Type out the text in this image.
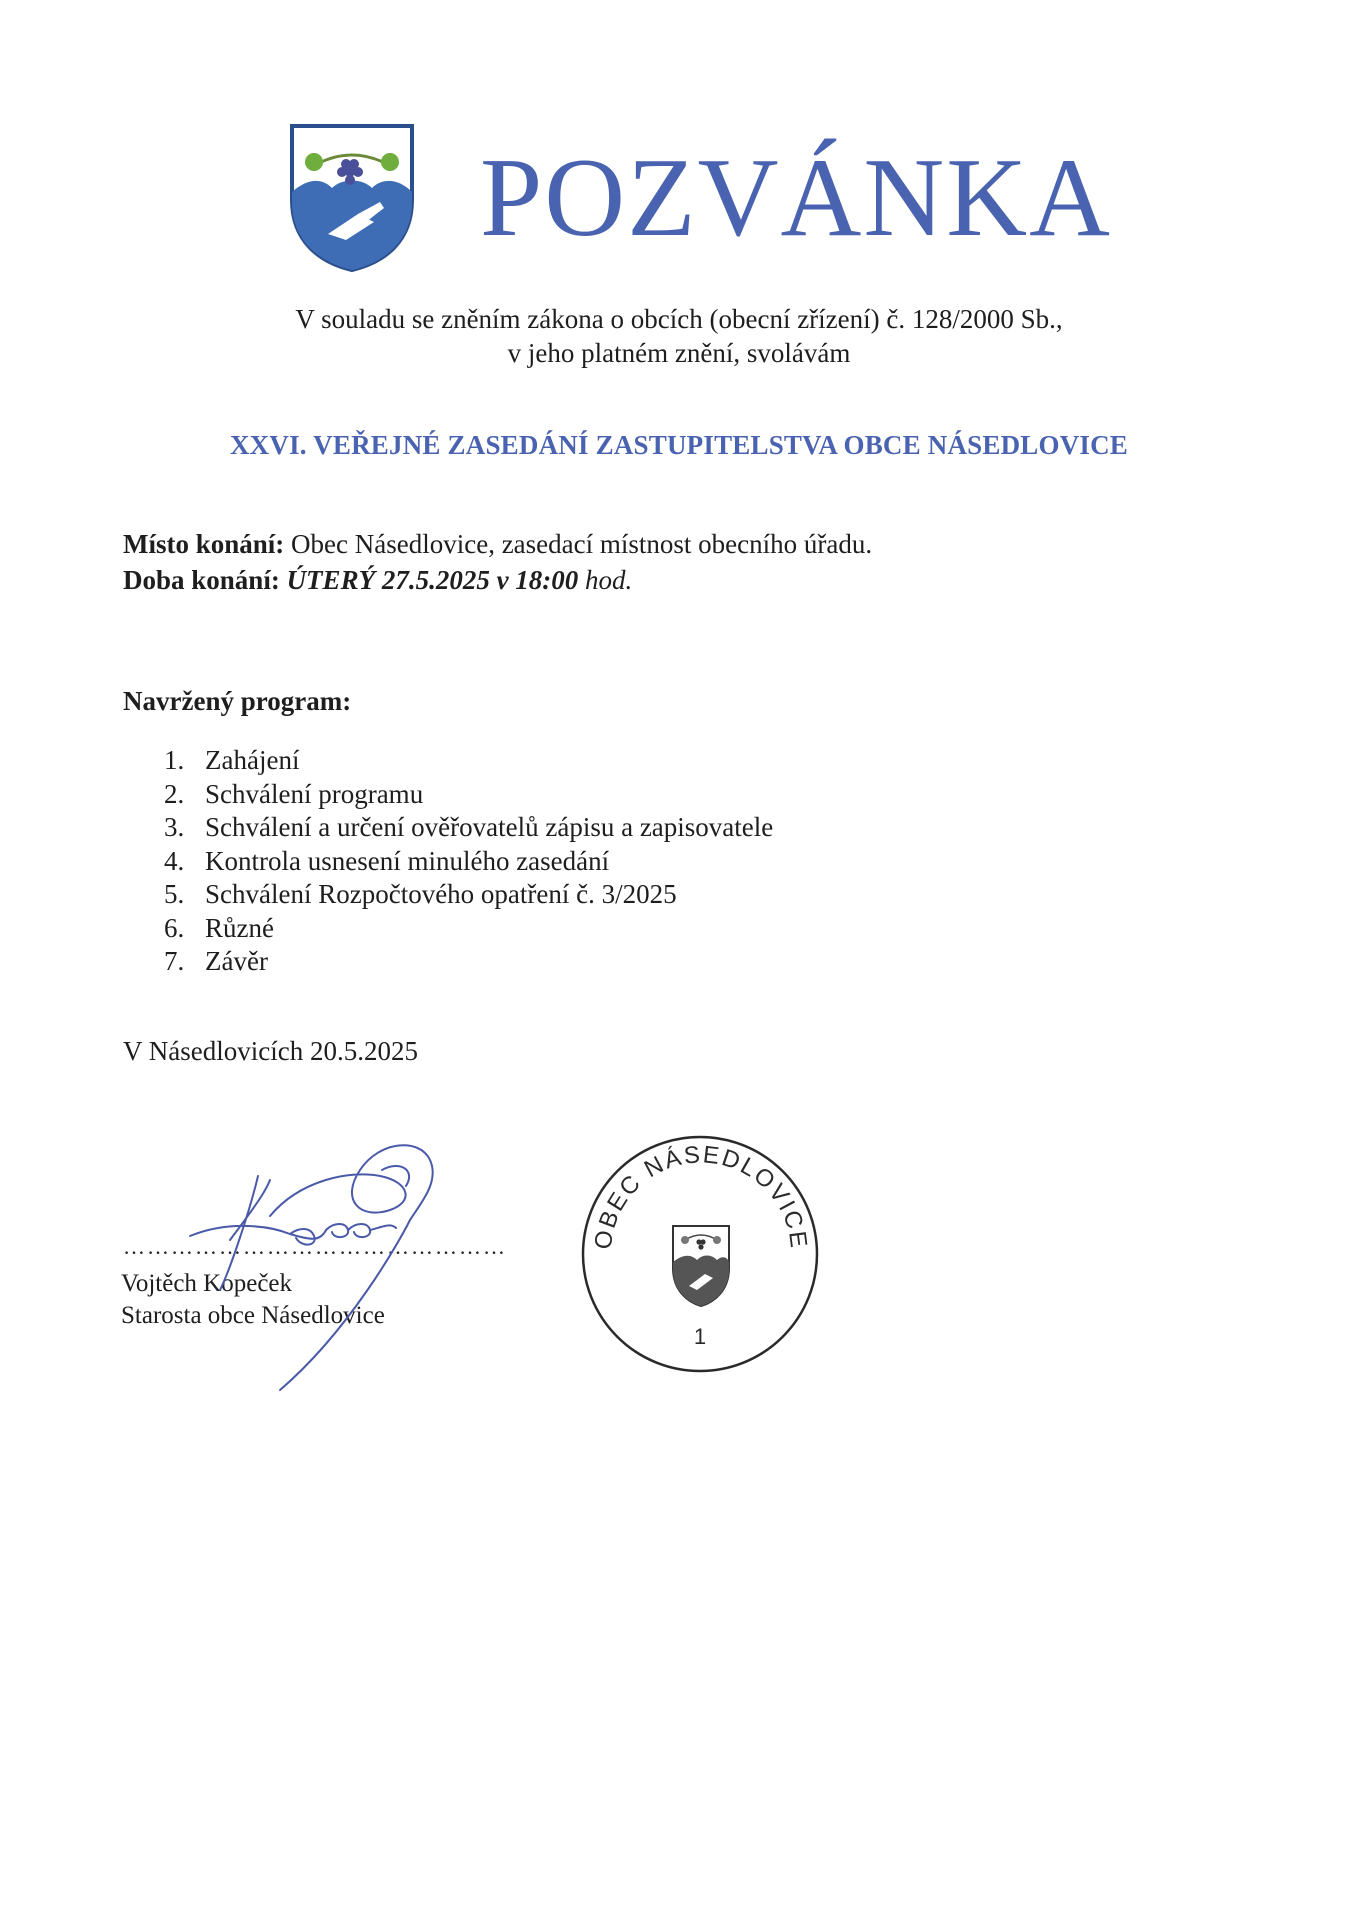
POZVÁNKA
V souladu se zněním zákona o obcích (obecní zřízení) č. 128/2000 Sb.,
v jeho platném znění, svolávám
XXVI. VEŘEJNÉ ZASEDÁNÍ ZASTUPITELSTVA OBCE NÁSEDLOVICE
Místo konání: Obec Násedlovice, zasedací místnost obecního úřadu.
Doba konání: ÚTERÝ 27.5.2025 v 18:00 hod.
Navržený program:
1. Zahájení
2. Schválení programu
3. Schválení a určení ověřovatelů zápisu a zapisovatele
4. Kontrola usnesení minulého zasedání
5. Schválení Rozpočtového opatření č. 3/2025
6. Různé
7. Závěr
V Násedlovicích 20.5.2025
…………………………………………
Vojtěch Kopeček
Starosta obce Násedlovice
OBEC NÁSEDLOVICE
1
